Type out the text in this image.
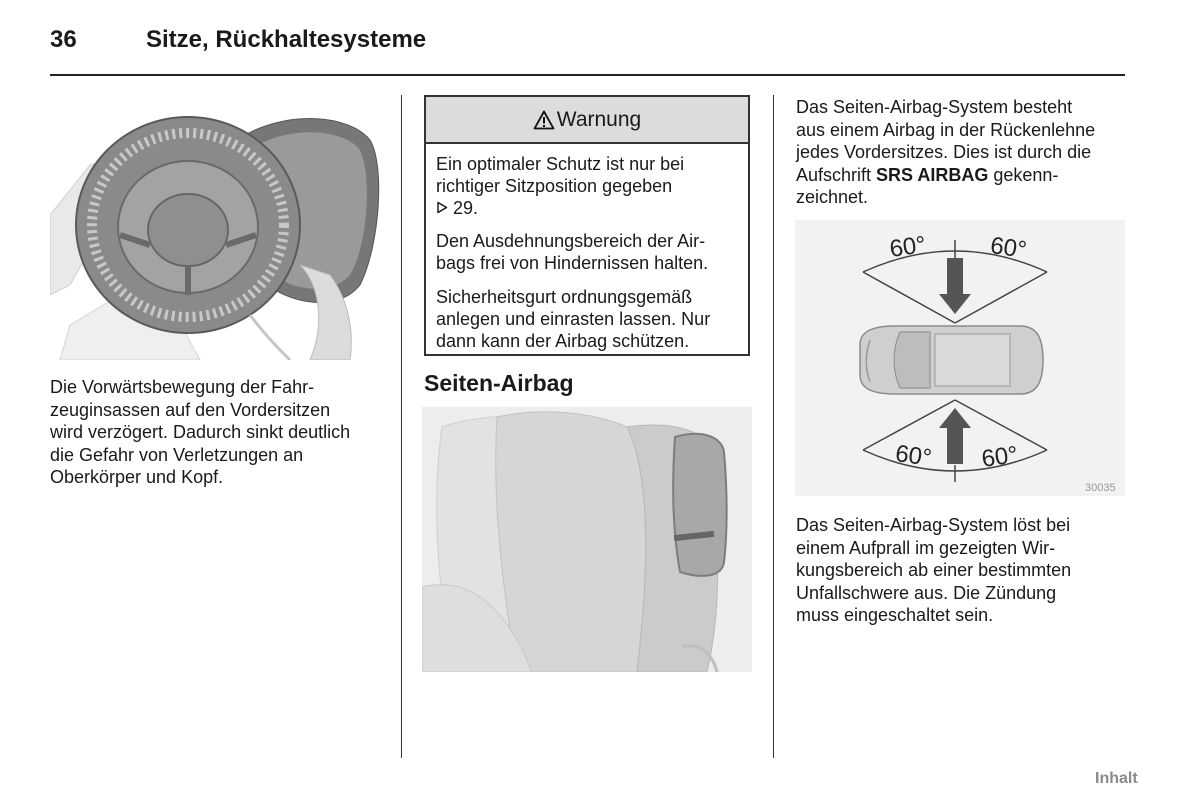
36	Sitze, Rückhaltesysteme
Die Vorwärtsbewegung der Fahr-
zeuginsassen auf den Vordersitzen
wird verzögert. Dadurch sinkt deutlich
die Gefahr von Verletzungen an
Oberkörper und Kopf.
Warnung
Ein optimaler Schutz ist nur bei
richtiger Sitzposition gegeben
29.
Den Ausdehnungsbereich der Air-
bags frei von Hindernissen halten.
Sicherheitsgurt ordnungsgemäß
anlegen und einrasten lassen. Nur
dann kann der Airbag schützen.
Seiten-Airbag
Das Seiten-Airbag-System besteht
aus einem Airbag in der Rückenlehne
jedes Vordersitzes. Dies ist durch die
Aufschrift SRS AIRBAG gekenn-
zeichnet.
60°	60°
60° 60°
30035
Das Seiten-Airbag-System löst bei
einem Aufprall im gezeigten Wir-
kungsbereich ab einer bestimmten
Unfallschwere aus. Die Zündung
muss eingeschaltet sein.
Inhalt
